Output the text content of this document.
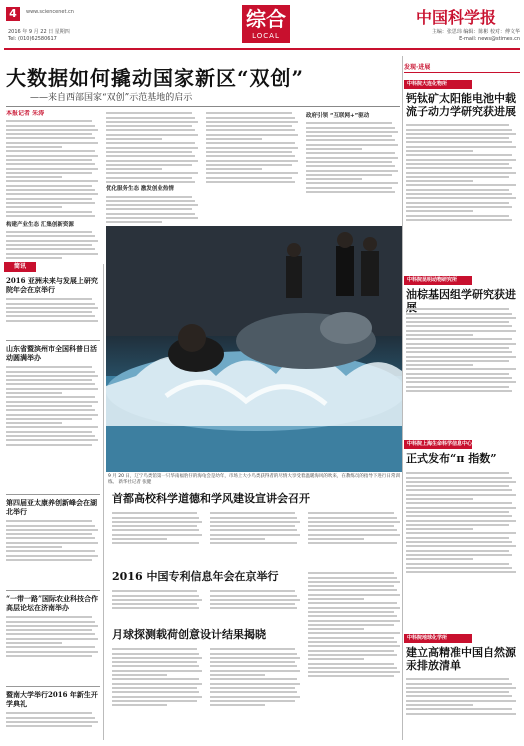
4	www.sciencenet.cn
2016 年 9 月 22 日 星期四
Tel: (010)62580617
综合
LOCAL
中国科学报
主编：张思玮 编辑：陈彬 校对：傅文华
E-mail: news@stimes.cn
大数据如何撬动国家新区“双创”
——来自西部国家“双创”示范基地的启示
本报记者 朱涛
构建产业生态 汇集创新资源
优化服务生态 激发创业热情
政府引领 “互联网+”驱动
简讯
2016 亚洲未来与发展上研究院年会在京举行
山东省暨滨州市全国科普日活动圆满举办
第四届亚太康养创新峰会在湖北举行
“一带一路”国际农业科技合作高层论坛在济南举办
暨南大学举行2016 年新生开学典礼
9 月 20 日，辽宁鸟类馆第一只华南福豹仔的海龟会是幼年，市场上大小鸟类获得者的尽情大享受着温暖海风的吹来，在教练员的指导下进行日常训练。 新华社记者 张健
首都高校科学道德和学风建设宣讲会召开
2016 中国专利信息年会在京举行
月球探测载荷创意设计结果揭晓
发现·进展
中科院大连化物所
钙钛矿太阳能电池中载流子动力学研究获进展
中科院昆明动物研究所
油棕基因组学研究获进
中科院上海生命科学信息中心
正式发布“π 指数”
中科院地球化学所
建立高精准中国自然源汞排放清单
